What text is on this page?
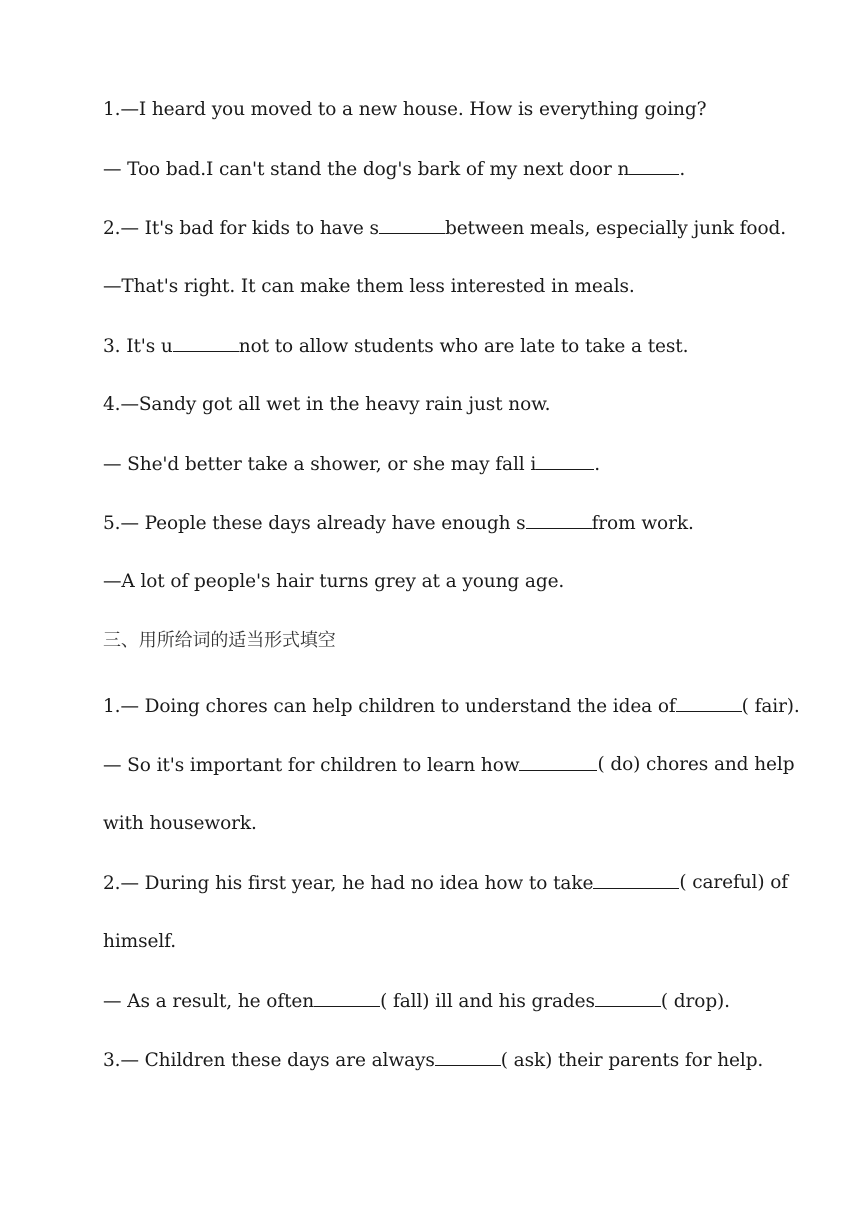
1.—I heard you moved to a new house. How is everything going?
— Too bad.I can't stand the dog's bark of my next door n	.
2.— It's bad for kids to have s	between meals, especially junk food.
—That's right. It can make them less interested in meals.
3. It's u	not to allow students who are late to take a test.
4.—Sandy got all wet in the heavy rain just now.
— She'd better take a shower, or she may fall i	.
5.— People these days already have enough s	from work.
—A lot of people's hair turns grey at a young age.
三、用所给词的适当形式填空
1.— Doing chores can help children to understand the idea of	( fair).
— So it's important for children to learn how	( do) chores and help
with housework.
2.— During his first year, he had no idea how to take	( careful) of
himself.
— As a result, he often	( fall) ill and his grades	( drop).
3.— Children these days are always	( ask) their parents for help.
